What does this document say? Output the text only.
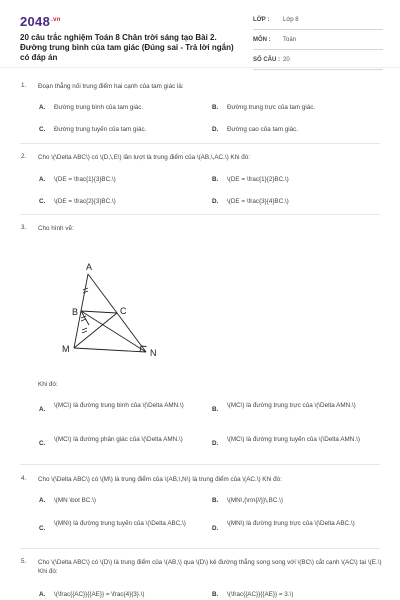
$2048^{.vn}$
20 câu trắc nghiệm Toán 8 Chân trời sáng tạo Bài 2. Đường trung bình của tam giác (Đúng sai - Trả lời ngắn) có đáp án
LỚP : Lớp 8
MÔN : Toán
SỐ CÂU : 20
1. Đoạn thẳng nối trung điểm hai cạnh của tam giác là:
A. Đường trung bình của tam giác.	B. Đường trung trực của tam giác.
C. Đường trung tuyến của tam giác.	D. Đường cao của tam giác.
2. Cho \(\Delta ABC\) có \(D,\,E\) lần lượt là trung điểm của \(AB,\,AC.\) Khi đó:
A. \(DE = \frac{1}{3}BC.\)	B. \(DE = \frac{1}{2}BC.\)
C. \(DE = \frac{2}{3}BC.\)	D. \(DE = \frac{3}{4}BC.\)
3. Cho hình vẽ:
A
B	C
M	N
Khi đó:
A.
\(MC\) là đường trung bình của \(\Delta AMN.\)
B.
\(MC\) là đường trung trực của \(\Delta AMN.\)
C.
\(MC\) là đường phân giác của \(\Delta AMN.\)
D.
\(MC\) là đường trung tuyến của \(\Delta AMN.\)
4. Cho \(\Delta ABC\) có \(M\) là trung điểm của \(AB,\,N\) là trung điểm của \(AC.\) Khi đó:
A. \(MN \bot BC.\)	B. \(MN\,{\rm{//}}\,BC.\)
C.
\(MN\) là đường trung tuyến của \(\Delta ABC.\)
D.
\(MN\) là đường trung trực của \(\Delta ABC.\)
5. Cho \(\Delta ABC\) có \(D\) là trung điểm của \(AB,\) qua \(D\) kẻ đường thẳng song song với \(BC\) cắt cạnh \(AC\) tại \(E.\) Khi đó:
A. \(\frac{{AC}}{{AE}} = \frac{4}{3}.\)	B. \(\frac{{AC}}{{AE}} = 3.\)
